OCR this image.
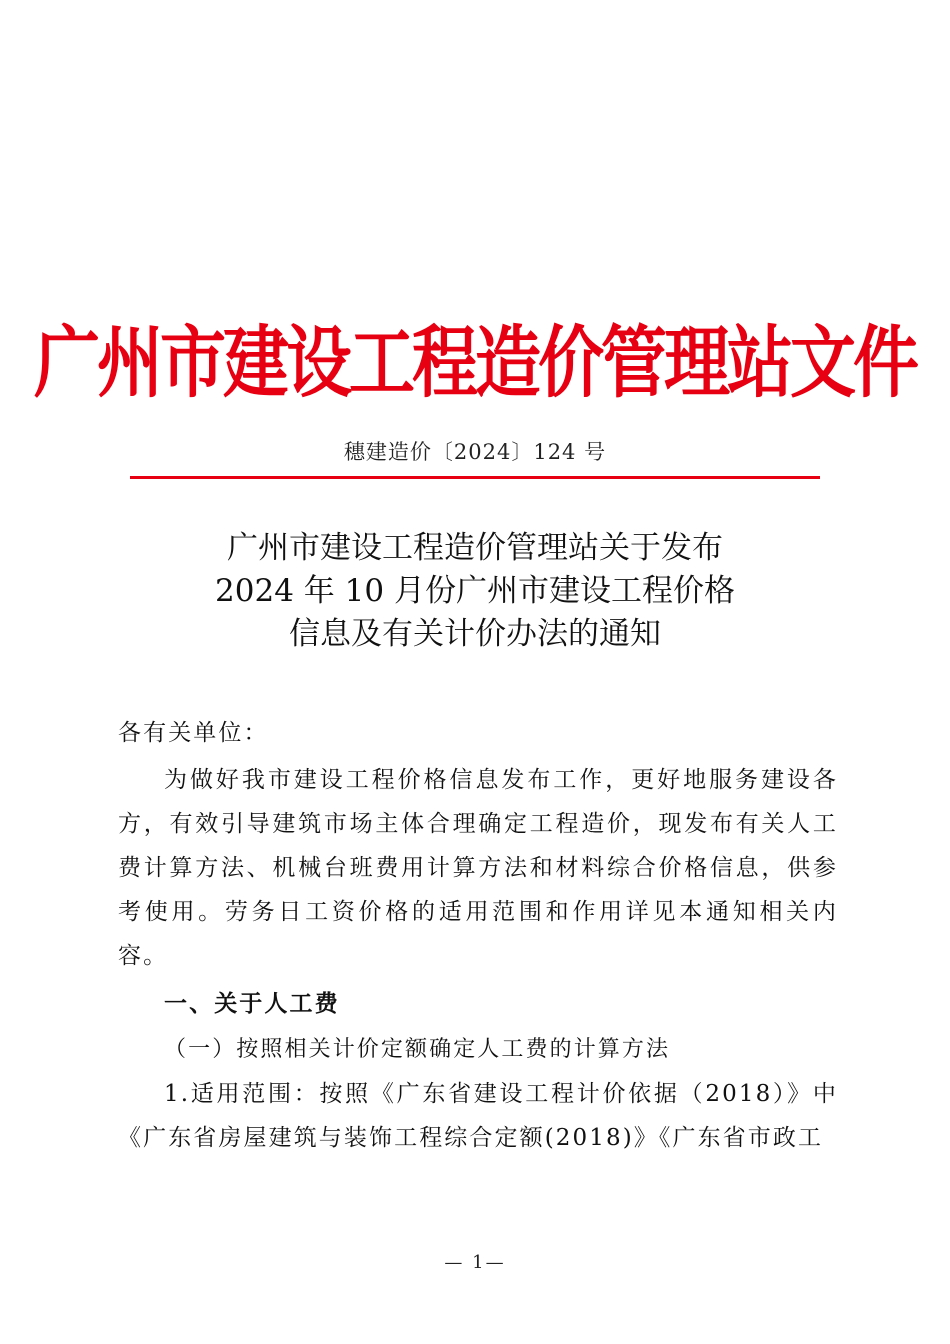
广州市建设工程造价管理站文件
穗建造价〔2024〕124 号
广州市建设工程造价管理站关于发布
2024 年 10 月份广州市建设工程价格
信息及有关计价办法的通知

各有关单位：

为做好我市建设工程价格信息发布工作，更好地服务建设各方，有效引导建筑市场主体合理确定工程造价，现发布有关人工费计算方法、机械台班费用计算方法和材料综合价格信息，供参考使用。劳务日工资价格的适用范围和作用详见本通知相关内容。

一、关于人工费

（一）按照相关计价定额确定人工费的计算方法

1.适用范围：按照《广东省建设工程计价依据（2018）》中《广东省房屋建筑与装饰工程综合定额(2018)》《广东省市政工

— 1—
